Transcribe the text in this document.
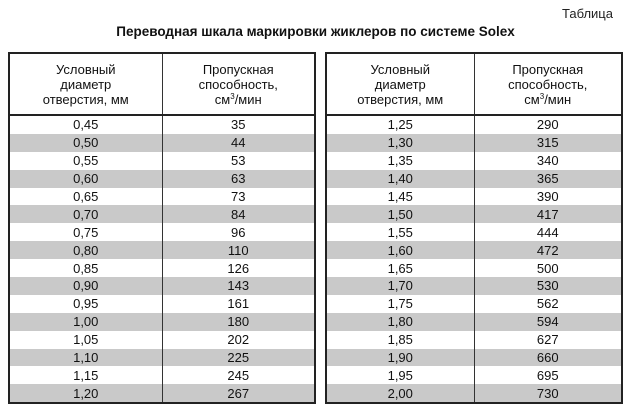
Таблица
Переводная шкала маркировки жиклеров по системе Solex
Условный
диаметр
отверстия, мм	Пропускная
способность,
$см^3$/мин
0,45	35
0,50	44
0,55	53
0,60	63
0,65	73
0,70	84
0,75	96
0,80	110
0,85	126
0,90	143
0,95	161
1,00	180
1,05	202
1,10	225
1,15	245
1,20	267
Условный
диаметр
отверстия, мм	Пропускная
способность,
$см^3$/мин
1,25	290
1,30	315
1,35	340
1,40	365
1,45	390
1,50	417
1,55	444
1,60	472
1,65	500
1,70	530
1,75	562
1,80	594
1,85	627
1,90	660
1,95	695
2,00	730
